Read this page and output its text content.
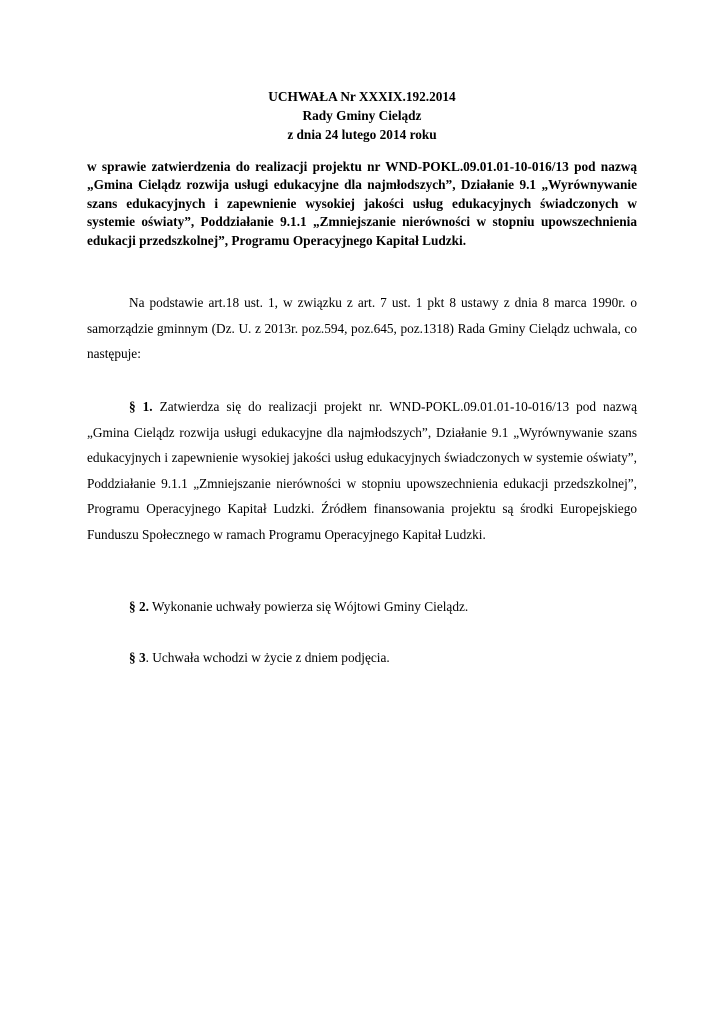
UCHWAŁA Nr XXXIX.192.2014
Rady Gminy Cielądz
z dnia 24 lutego 2014 roku
w sprawie zatwierdzenia do realizacji projektu nr WND-POKL.09.01.01-10-016/13 pod nazwą „Gmina Cielądz rozwija usługi edukacyjne dla najmłodszych”, Działanie 9.1 „Wyrównywanie szans edukacyjnych i zapewnienie wysokiej jakości usług edukacyjnych świadczonych w systemie oświaty”, Poddziałanie 9.1.1 „Zmniejszanie nierówności w stopniu upowszechnienia edukacji przedszkolnej”, Programu Operacyjnego Kapitał Ludzki.
Na podstawie art.18 ust. 1, w związku z art. 7 ust. 1 pkt 8 ustawy z dnia 8 marca 1990r. o samorządzie gminnym (Dz. U. z 2013r. poz.594, poz.645, poz.1318) Rada Gminy Cielądz uchwala, co następuje:
§ 1. Zatwierdza się do realizacji projekt nr. WND-POKL.09.01.01-10-016/13 pod nazwą „Gmina Cielądz rozwija usługi edukacyjne dla najmłodszych”, Działanie 9.1 „Wyrównywanie szans edukacyjnych i zapewnienie wysokiej jakości usług edukacyjnych świadczonych w systemie oświaty”, Poddziałanie 9.1.1 „Zmniejszanie nierówności w stopniu upowszechnienia edukacji przedszkolnej”, Programu Operacyjnego Kapitał Ludzki. Źródłem finansowania projektu są środki Europejskiego Funduszu Społecznego w ramach Programu Operacyjnego Kapitał Ludzki.
§ 2. Wykonanie uchwały powierza się Wójtowi Gminy Cielądz.
§ 3. Uchwała wchodzi w życie z dniem podjęcia.
